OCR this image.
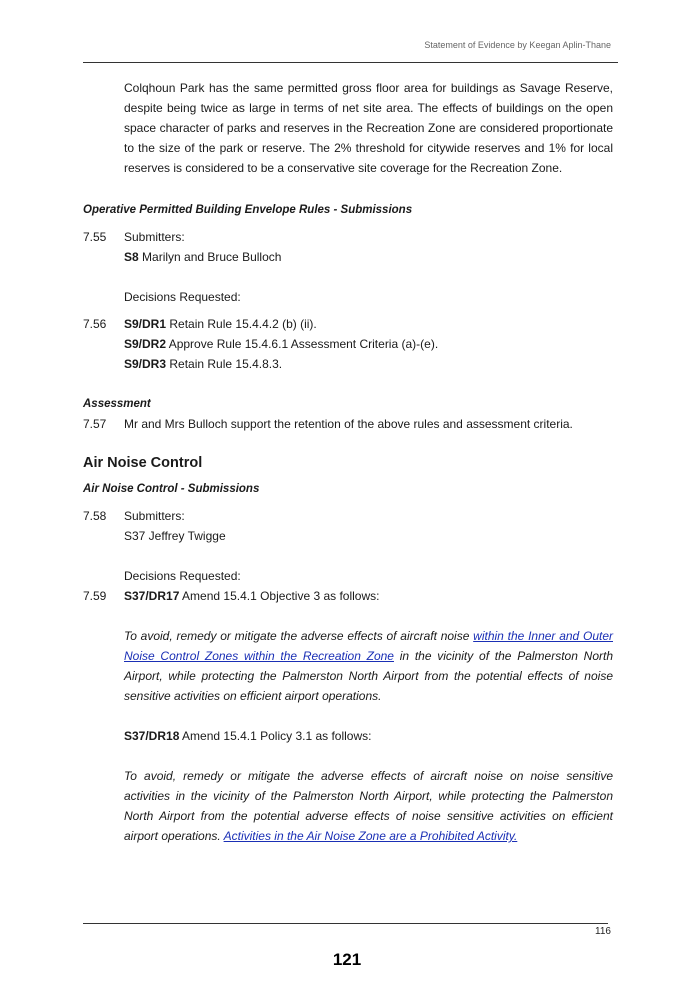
Statement of Evidence by Keegan Aplin-Thane

Colqhoun Park has the same permitted gross floor area for buildings as Savage Reserve, despite being twice as large in terms of net site area. The effects of buildings on the open space character of parks and reserves in the Recreation Zone are considered proportionate to the size of the park or reserve. The 2% threshold for citywide reserves and 1% for local reserves is considered to be a conservative site coverage for the Recreation Zone.

Operative Permitted Building Envelope Rules - Submissions
7.55	Submitters:
S8 Marilyn and Bruce Bulloch
Decisions Requested:
7.56	S9/DR1 Retain Rule 15.4.4.2 (b) (ii).
S9/DR2 Approve Rule 15.4.6.1 Assessment Criteria (a)-(e).
S9/DR3 Retain Rule 15.4.8.3.
Assessment
7.57	Mr and Mrs Bulloch support the retention of the above rules and assessment criteria.
Air Noise Control
Air Noise Control - Submissions
7.58	Submitters:
S37 Jeffrey Twigge
Decisions Requested:
7.59	S37/DR17 Amend 15.4.1 Objective 3 as follows:

To avoid, remedy or mitigate the adverse effects of aircraft noise within the Inner and Outer Noise Control Zones within the Recreation Zone in the vicinity of the Palmerston North Airport, while protecting the Palmerston North Airport from the potential effects of noise sensitive activities on efficient airport operations.

S37/DR18 Amend 15.4.1 Policy 3.1 as follows:

To avoid, remedy or mitigate the adverse effects of aircraft noise on noise sensitive activities in the vicinity of the Palmerston North Airport, while protecting the Palmerston North Airport from the potential adverse effects of noise sensitive activities on efficient airport operations. Activities in the Air Noise Zone are a Prohibited Activity.

116
121
